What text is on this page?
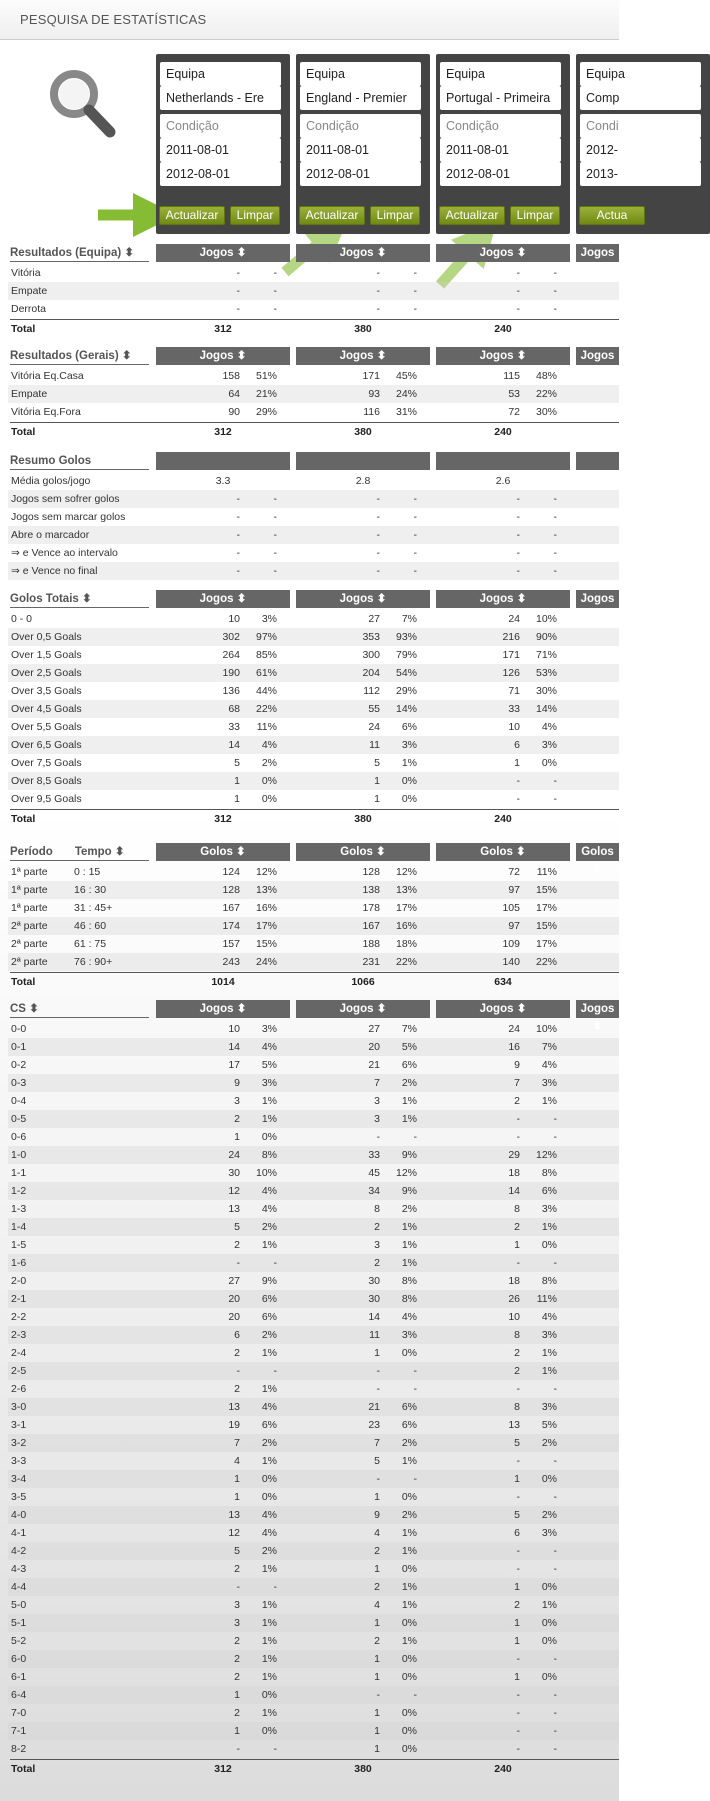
PESQUISA DE ESTATÍSTICAS
Equipa
Netherlands - Ere
Condição
2011-08-01
2012-08-01
Actualizar	Limpar
Equipa
England - Premier
Condição
2011-08-01
2012-08-01
Actualizar	Limpar
Equipa
Portugal - Primeira
Condição
2011-08-01
2012-08-01
Actualizar	Limpar
Equipa
Comp
Condi
2012-
2013-
Actua
Resultados (Equipa) ⬍	Jogos ⬍	Jogos ⬍	Jogos ⬍	Jogos ⬍
Vitória	-	-	-	-	-	-
Empate	-	-	-	-	-	-
Derrota	-	-	-	-	-	-
Total	312	380	240
Resultados (Gerais) ⬍	Jogos ⬍	Jogos ⬍	Jogos ⬍	Jogos ⬍
Vitória Eq.Casa	158	51%	171	45%	115	48%
Empate	64	21%	93	24%	53	22%
Vitória Eq.Fora	90	29%	116	31%	72	30%
Total	312	380	240
Resumo Golos
Média golos/jogo	3.3	2.8	2.6
Jogos sem sofrer golos	-	-	-	-	-	-
Jogos sem marcar golos	-	-	-	-	-	-
Abre o marcador	-	-	-	-	-	-
⇒ e Vence ao intervalo	-	-	-	-	-	-
⇒ e Vence no final	-	-	-	-	-	-
Golos Totais ⬍	Jogos ⬍	Jogos ⬍	Jogos ⬍	Jogos ⬍
0 - 0	10	3%	27	7%	24	10%
Over 0,5 Goals	302	97%	353	93%	216	90%
Over 1,5 Goals	264	85%	300	79%	171	71%
Over 2,5 Goals	190	61%	204	54%	126	53%
Over 3,5 Goals	136	44%	112	29%	71	30%
Over 4,5 Goals	68	22%	55	14%	33	14%
Over 5,5 Goals	33	11%	24	6%	10	4%
Over 6,5 Goals	14	4%	11	3%	6	3%
Over 7,5 Goals	5	2%	5	1%	1	0%
Over 8,5 Goals	1	0%	1	0%	-	-
Over 9,5 Goals	1	0%	1	0%	-	-
Total	312	380	240
Período Tempo ⬍	Golos ⬍	Golos ⬍	Golos ⬍	Golos ⬍
1ª parte	0 : 15	124	12%	128	12%	72	11%
1ª parte	16 : 30	128	13%	138	13%	97	15%
1ª parte	31 : 45+	167	16%	178	17%	105	17%
2ª parte	46 : 60	174	17%	167	16%	97	15%
2ª parte	61 : 75	157	15%	188	18%	109	17%
2ª parte	76 : 90+	243	24%	231	22%	140	22%
Total	1014	1066	634
CS ⬍	Jogos ⬍	Jogos ⬍	Jogos ⬍	Jogos ⬍
0-0	10	3%	27	7%	24	10%
0-1	14	4%	20	5%	16	7%
0-2	17	5%	21	6%	9	4%
0-3	9	3%	7	2%	7	3%
0-4	3	1%	3	1%	2	1%
0-5	2	1%	3	1%	-	-
0-6	1	0%	-	-	-	-
1-0	24	8%	33	9%	29	12%
1-1	30	10%	45	12%	18	8%
1-2	12	4%	34	9%	14	6%
1-3	13	4%	8	2%	8	3%
1-4	5	2%	2	1%	2	1%
1-5	2	1%	3	1%	1	0%
1-6	-	-	2	1%	-	-
2-0	27	9%	30	8%	18	8%
2-1	20	6%	30	8%	26	11%
2-2	20	6%	14	4%	10	4%
2-3	6	2%	11	3%	8	3%
2-4	2	1%	1	0%	2	1%
2-5	-	-	-	-	2	1%
2-6	2	1%	-	-	-	-
3-0	13	4%	21	6%	8	3%
3-1	19	6%	23	6%	13	5%
3-2	7	2%	7	2%	5	2%
3-3	4	1%	5	1%	-	-
3-4	1	0%	-	-	1	0%
3-5	1	0%	1	0%	-	-
4-0	13	4%	9	2%	5	2%
4-1	12	4%	4	1%	6	3%
4-2	5	2%	2	1%	-	-
4-3	2	1%	1	0%	-	-
4-4	-	-	2	1%	1	0%
5-0	3	1%	4	1%	2	1%
5-1	3	1%	1	0%	1	0%
5-2	2	1%	2	1%	1	0%
6-0	2	1%	1	0%	-	-
6-1	2	1%	1	0%	1	0%
6-4	1	0%	-	-	-	-
7-0	2	1%	1	0%	-	-
7-1	1	0%	1	0%	-	-
8-2	-	-	1	0%	-	-
Total	312	380	240
